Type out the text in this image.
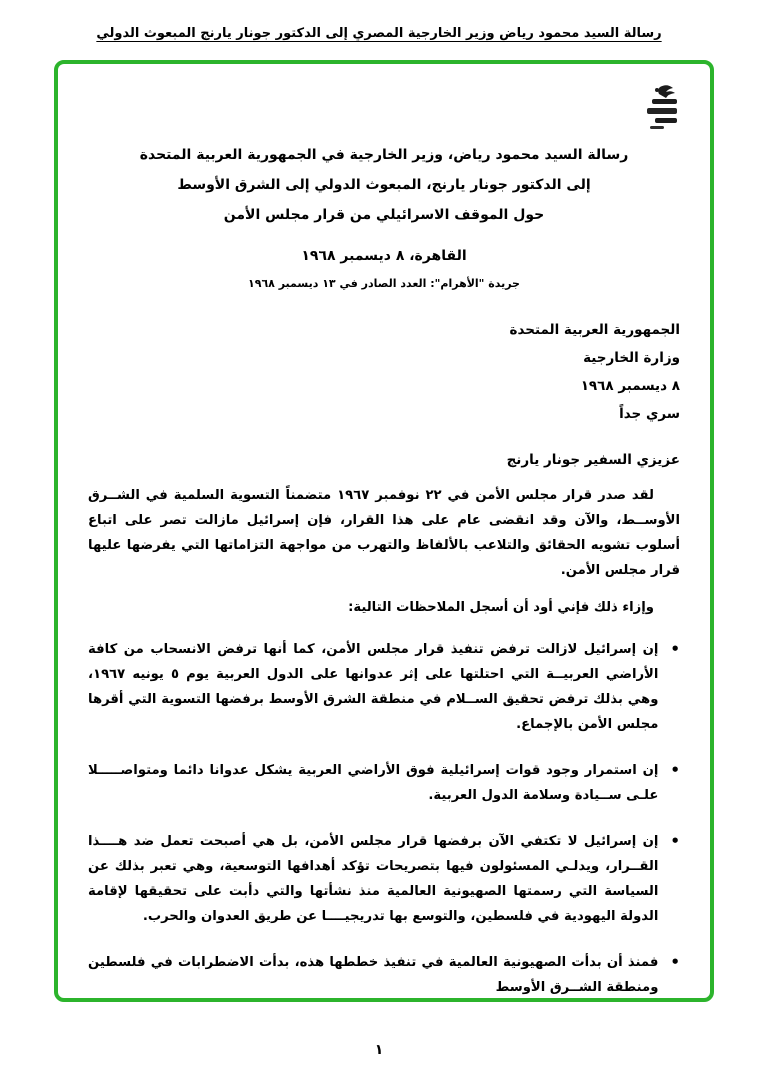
رسالة السيد محمود رياض وزير الخارجية المصري إلى الدكتور جونار يارنج المبعوث الدولي
رسالة السيد محمود رياض، وزير الخارجية في الجمهورية العربية المتحدة
إلى الدكتور جونار يارنج، المبعوث الدولي إلى الشرق الأوسط
حول الموقف الاسرائيلي من قرار مجلس الأمن
القاهرة، ٨ ديسمبر ١٩٦٨
جريدة "الأهرام": العدد الصادر في ١٣ ديسمبر ١٩٦٨
الجمهورية العربية المتحدة
وزارة الخارجية
٨ ديسمبر ١٩٦٨
سري جداً
عزيزي السفير جونار يارنج
لقد صدر قرار مجلس الأمن في ٢٢ نوفمبر ١٩٦٧ متضمناً التسوية السلمية في الشــرق الأوســط، والآن وقد انقضى عام على هذا القرار، فإن إسرائيل مازالت تصر على اتباع أسلوب تشويه الحقائق والتلاعب بالألفاظ والتهرب من مواجهة التزاماتها التي يفرضها عليها قرار مجلس الأمن.
وإزاء ذلك فإني أود أن أسجل الملاحظات التالية:
•
إن إسرائيل لازالت ترفض تنفيذ قرار مجلس الأمن، كما أنها ترفض الانسحاب من كافة الأراضي العربيــة التي احتلتها على إثر عدوانها على الدول العربية يوم ٥ يونيه ١٩٦٧، وهي بذلك ترفض تحقيق الســلام في منطقة الشرق الأوسط برفضها التسوية التي أقرها مجلس الأمن بالإجماع.
•
إن استمرار وجود قوات إسرائيلية فوق الأراضي العربية يشكل عدوانا دائما ومتواصـــــلا علـى ســيادة وسلامة الدول العربية.
•
إن إسرائيل لا تكتفي الآن برفضها قرار مجلس الأمن، بل هي أصبحت تعمل ضد هــــذا القــرار، ويدلـي المسئولون فيها بتصريحات تؤكد أهدافها التوسعية، وهي تعبر بذلك عن السياسة التي رسمتها الصهيونية العالمية منذ نشأتها والتي دأبت على تحقيقها لإقامة الدولة اليهودية في فلسطين، والتوسع بها تدريجيــــا عن طريق العدوان والحرب.
•
فمنذ أن بدأت الصهيونية العالمية في تنفيذ خططها هذه، بدأت الاضطرابات في فلسطين ومنطقة الشــرق الأوسط
١
